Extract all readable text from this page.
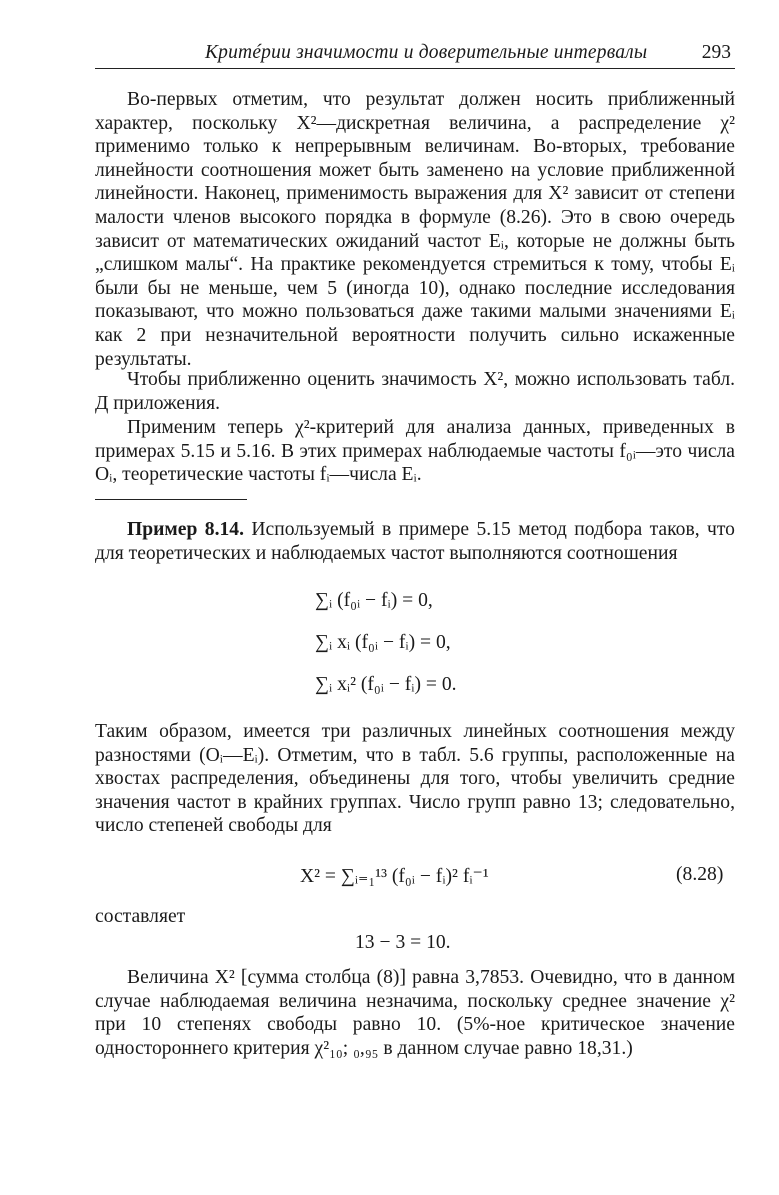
Критéрии значимости и доверительные интервалы	293

Во-первых отметим, что результат должен носить приближенный характер, поскольку X²—дискретная величина, а распределение χ² применимо только к непрерывным величинам. Во-вторых, требование линейности соотношения может быть заменено на условие приближенной линейности. Наконец, применимость выражения для X² зависит от степени малости членов высокого порядка в формуле (8.26). Это в свою очередь зависит от математических ожиданий частот Eᵢ, которые не должны быть „слишком малы“. На практике рекомендуется стремиться к тому, чтобы Eᵢ были бы не меньше, чем 5 (иногда 10), однако последние исследования показывают, что можно пользоваться даже такими малыми значениями Eᵢ как 2 при незначительной вероятности получить сильно искаженные результаты.

Чтобы приближенно оценить значимость X², можно использовать табл. Д приложения.

Применим теперь χ²-критерий для анализа данных, приведенных в примерах 5.15 и 5.16. В этих примерах наблюдаемые частоты f₀ᵢ—это числа Oᵢ, теоретические частоты fᵢ—числа Eᵢ.

Пример 8.14. Используемый в примере 5.15 метод подбора таков, что для теоретических и наблюдаемых частот выполняются соотношения

∑ᵢ (f₀ᵢ − fᵢ) = 0,
∑ᵢ xᵢ (f₀ᵢ − fᵢ) = 0,
∑ᵢ xᵢ² (f₀ᵢ − fᵢ) = 0.

Таким образом, имеется три различных линейных соотношения между разностями (Oᵢ—Eᵢ). Отметим, что в табл. 5.6 группы, расположенные на хвостах распределения, объединены для того, чтобы увеличить средние значения частот в крайних группах. Число групп равно 13; следовательно, число степеней свободы для

X² = ∑ᵢ₌₁¹³ (f₀ᵢ − fᵢ)² fᵢ⁻¹	(8.28)
составляет
13 − 3 = 10.

Величина X² [сумма столбца (8)] равна 3,7853. Очевидно, что в данном случае наблюдаемая величина незначима, поскольку среднее значение χ² при 10 степенях свободы равно 10. (5%-ное критическое значение одностороннего критерия χ²₁₀; ₀,₉₅ в данном случае равно 18,31.)
